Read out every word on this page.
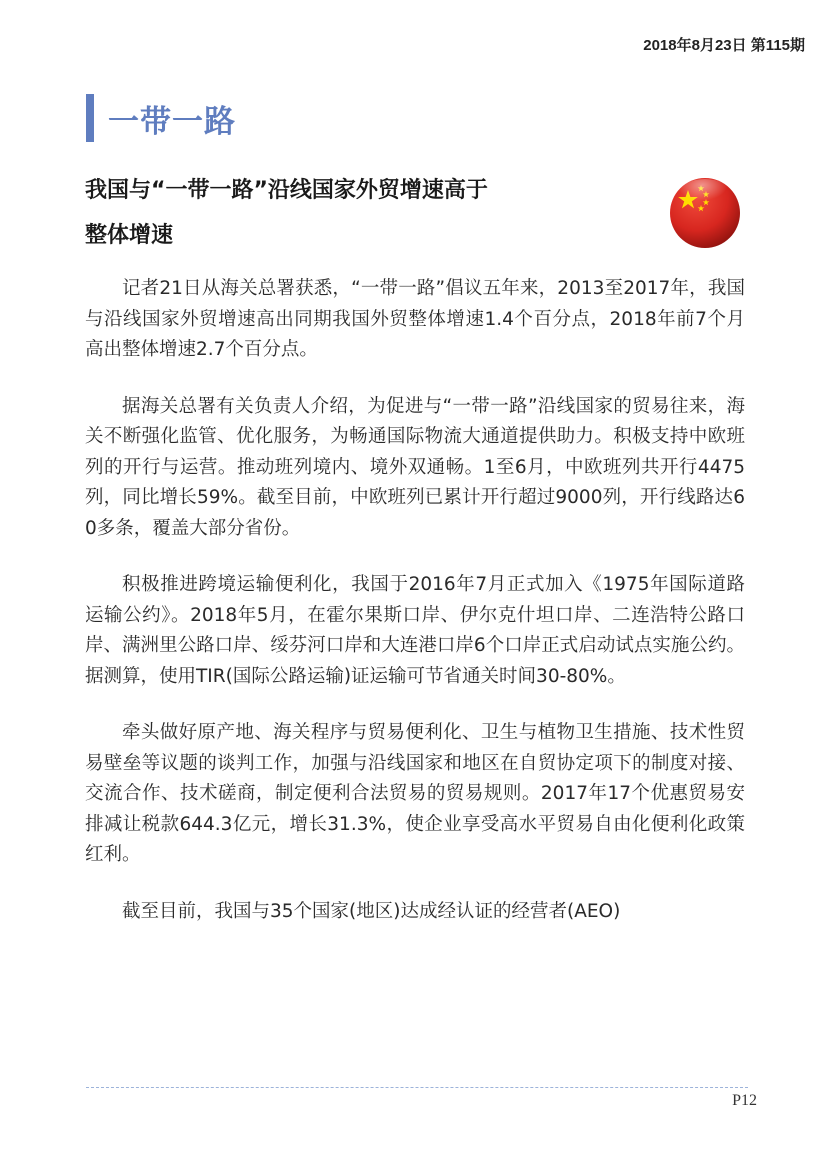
2018年8月23日 第115期
一带一路
我国与“一带一路”沿线国家外贸增速高于
整体增速

记者21日从海关总署获悉，“一带一路”倡议五年来，2013至2017年，我国与沿线国家外贸增速高出同期我国外贸整体增速1.4个百分点，2018年前7个月高出整体增速2.7个百分点。

据海关总署有关负责人介绍，为促进与“一带一路”沿线国家的贸易往来，海关不断强化监管、优化服务，为畅通国际物流大通道提供助力。积极支持中欧班列的开行与运营。推动班列境内、境外双通畅。1至6月，中欧班列共开行4475列，同比增长59%。截至目前，中欧班列已累计开行超过9000列，开行线路达60多条，覆盖大部分省份。

积极推进跨境运输便利化，我国于2016年7月正式加入《1975年国际道路运输公约》。2018年5月，在霍尔果斯口岸、伊尔克什坦口岸、二连浩特公路口岸、满洲里公路口岸、绥芬河口岸和大连港口岸6个口岸正式启动试点实施公约。据测算，使用TIR(国际公路运输)证运输可节省通关时间30-80%。

牵头做好原产地、海关程序与贸易便利化、卫生与植物卫生措施、技术性贸易壁垒等议题的谈判工作，加强与沿线国家和地区在自贸协定项下的制度对接、交流合作、技术磋商，制定便利合法贸易的贸易规则。2017年17个优惠贸易安排减让税款644.3亿元，增长31.3%，使企业享受高水平贸易自由化便利化政策红利。

截至目前，我国与35个国家(地区)达成经认证的经营者(AEO)

P12
